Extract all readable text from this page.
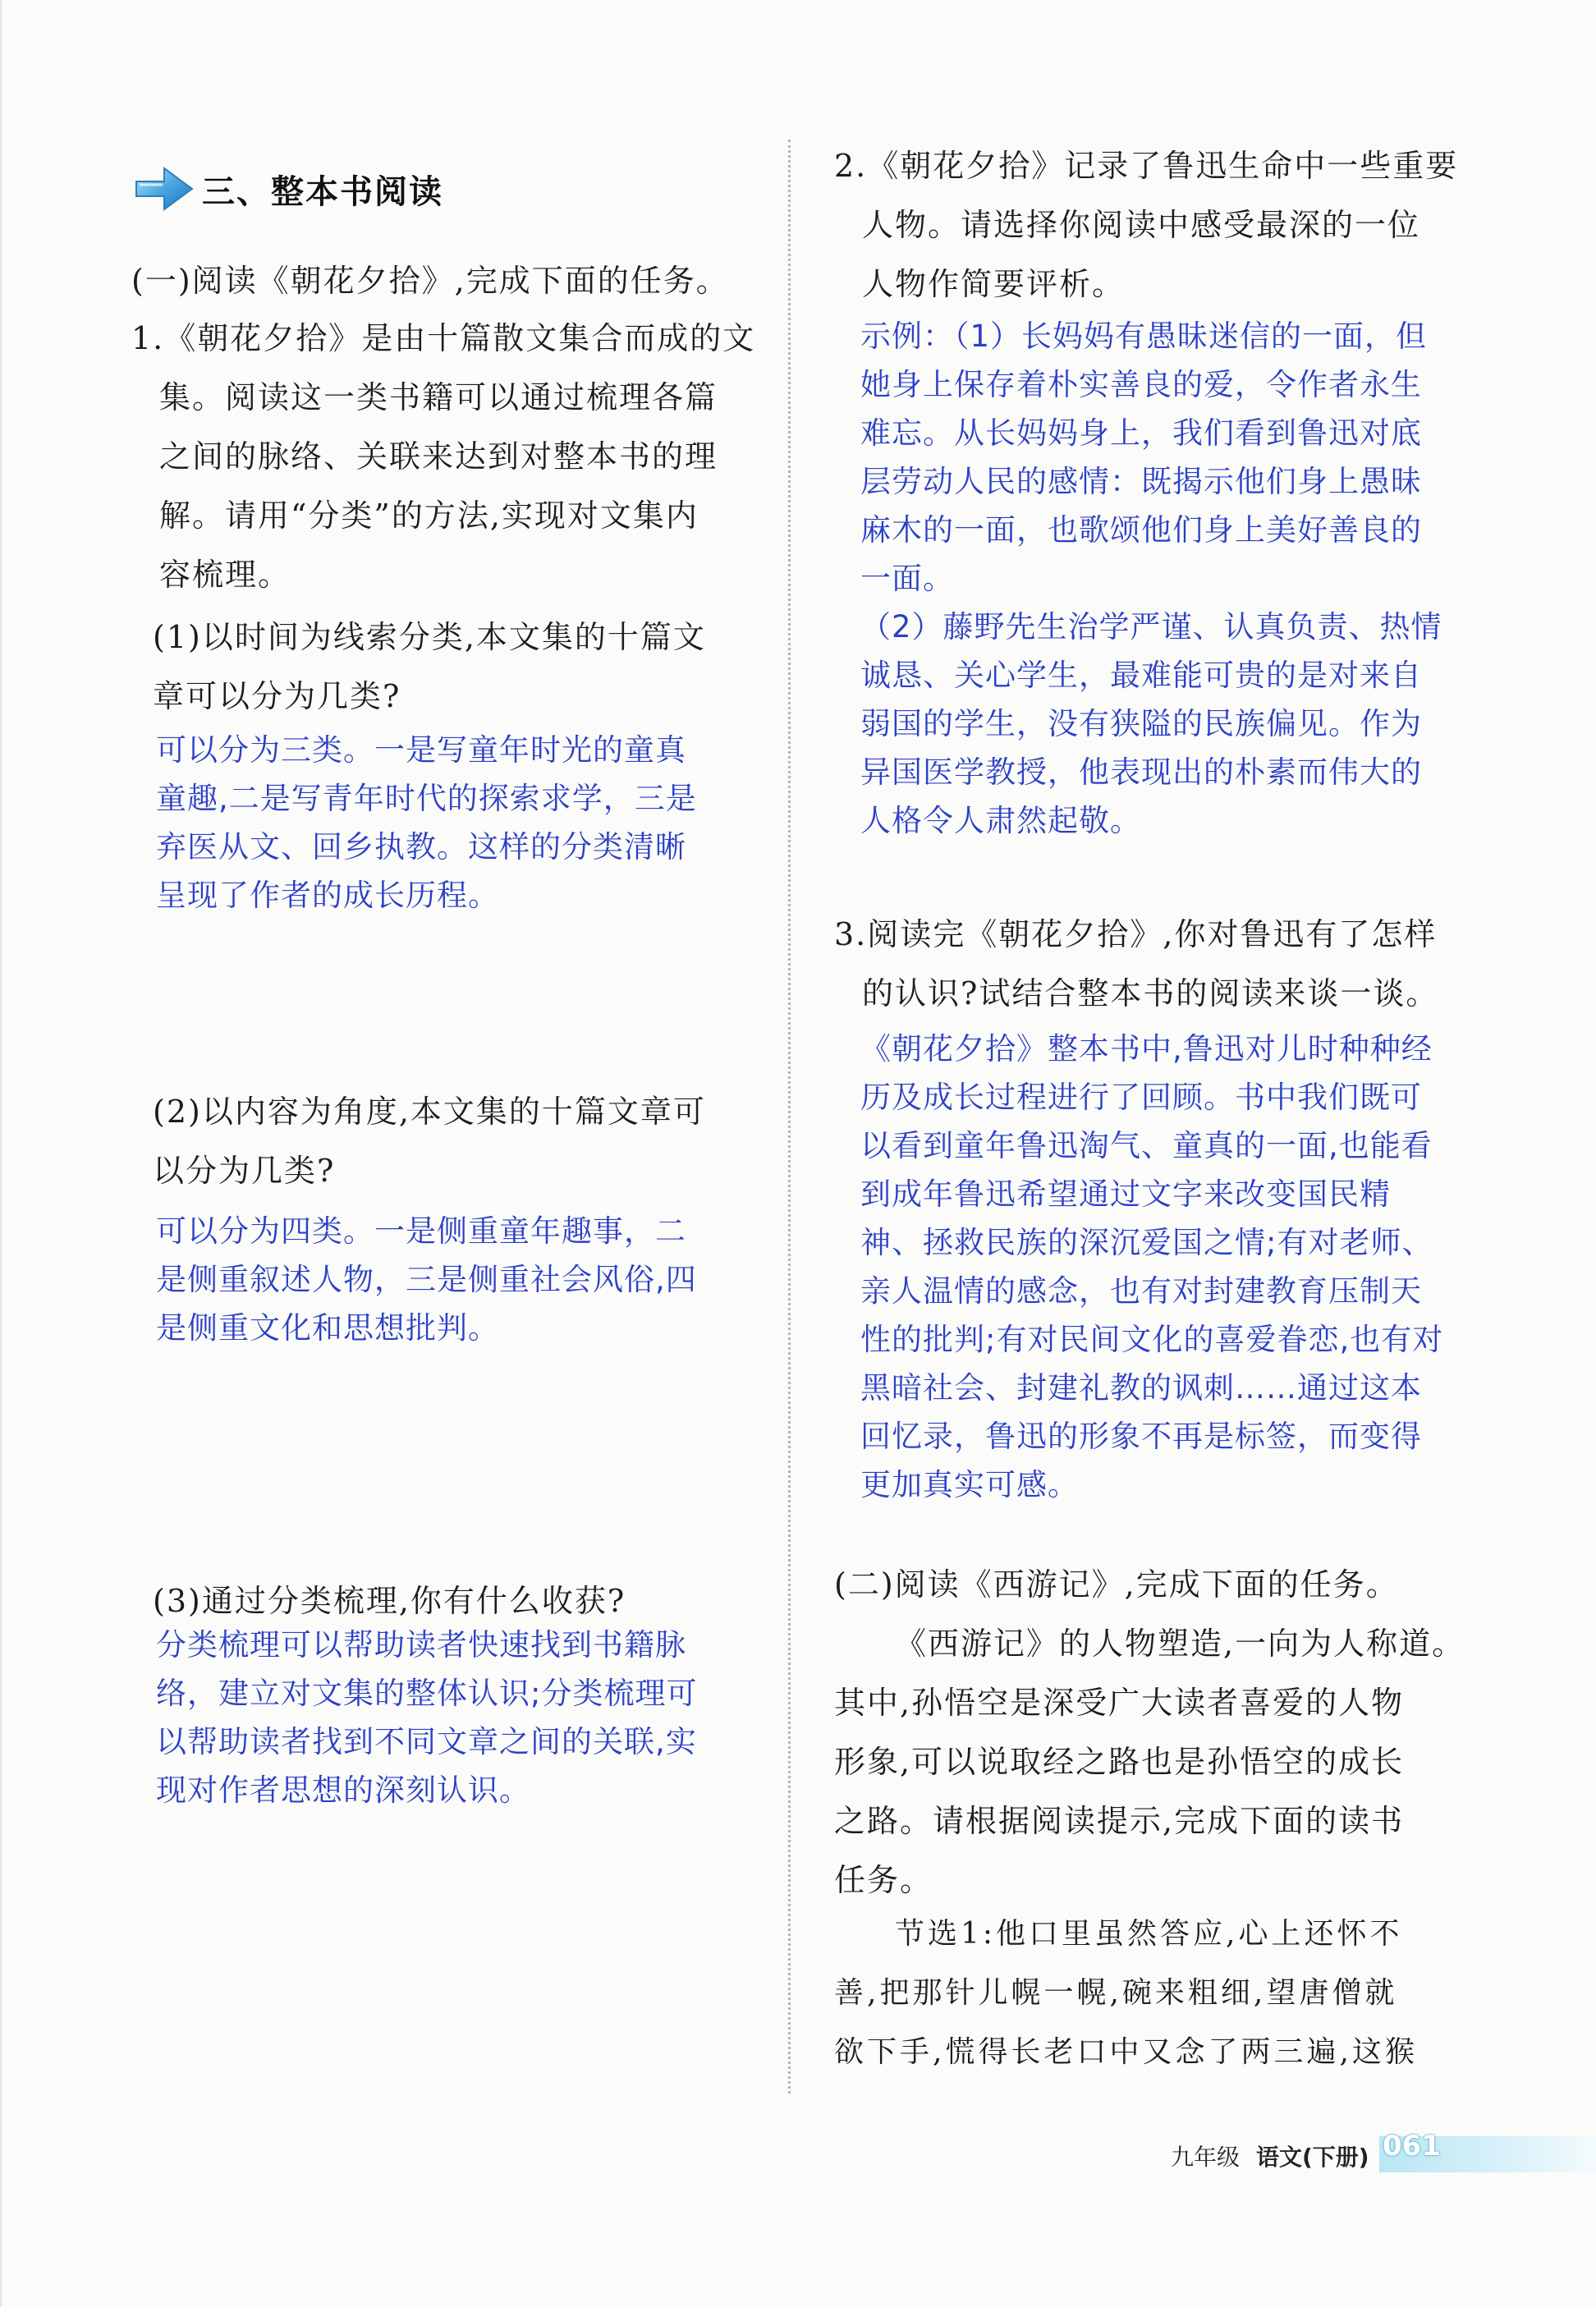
三、整本书阅读
(一)阅读《朝花夕拾》,完成下面的任务。
1.《朝花夕拾》是由十篇散文集合而成的文
集。阅读这一类书籍可以通过梳理各篇
之间的脉络、关联来达到对整本书的理
解。请用“分类”的方法,实现对文集内
容梳理。
(1)以时间为线索分类,本文集的十篇文
章可以分为几类?
可以分为三类。一是写童年时光的童真
童趣,二是写青年时代的探索求学，三是
弃医从文、回乡执教。这样的分类清晰
呈现了作者的成长历程。
(2)以内容为角度,本文集的十篇文章可
以分为几类?
可以分为四类。一是侧重童年趣事，二
是侧重叙述人物，三是侧重社会风俗,四
是侧重文化和思想批判。
(3)通过分类梳理,你有什么收获?
分类梳理可以帮助读者快速找到书籍脉
络，建立对文集的整体认识;分类梳理可
以帮助读者找到不同文章之间的关联,实
现对作者思想的深刻认识。
2.《朝花夕拾》记录了鲁迅生命中一些重要
人物。请选择你阅读中感受最深的一位
人物作简要评析。
示例：（1）长妈妈有愚昧迷信的一面，但
她身上保存着朴实善良的爱，令作者永生
难忘。从长妈妈身上，我们看到鲁迅对底
层劳动人民的感情：既揭示他们身上愚昧
麻木的一面，也歌颂他们身上美好善良的
一面。
（2）藤野先生治学严谨、认真负责、热情
诚恳、关心学生，最难能可贵的是对来自
弱国的学生，没有狭隘的民族偏见。作为
异国医学教授，他表现出的朴素而伟大的
人格令人肃然起敬。
3.阅读完《朝花夕拾》,你对鲁迅有了怎样
的认识?试结合整本书的阅读来谈一谈。
《朝花夕拾》整本书中,鲁迅对儿时种种经
历及成长过程进行了回顾。书中我们既可
以看到童年鲁迅淘气、童真的一面,也能看
到成年鲁迅希望通过文字来改变国民精
神、拯救民族的深沉爱国之情;有对老师、
亲人温情的感念，也有对封建教育压制天
性的批判;有对民间文化的喜爱眷恋,也有对
黑暗社会、封建礼教的讽刺……通过这本
回忆录，鲁迅的形象不再是标签，而变得
更加真实可感。
(二)阅读《西游记》,完成下面的任务。
《西游记》的人物塑造,一向为人称道。
其中,孙悟空是深受广大读者喜爱的人物
形象,可以说取经之路也是孙悟空的成长
之路。请根据阅读提示,完成下面的读书
任务。
节选1:他口里虽然答应,心上还怀不
善,把那针儿幌一幌,碗来粗细,望唐僧就
欲下手,慌得长老口中又念了两三遍,这猴
九年级 语文(下册) 061
